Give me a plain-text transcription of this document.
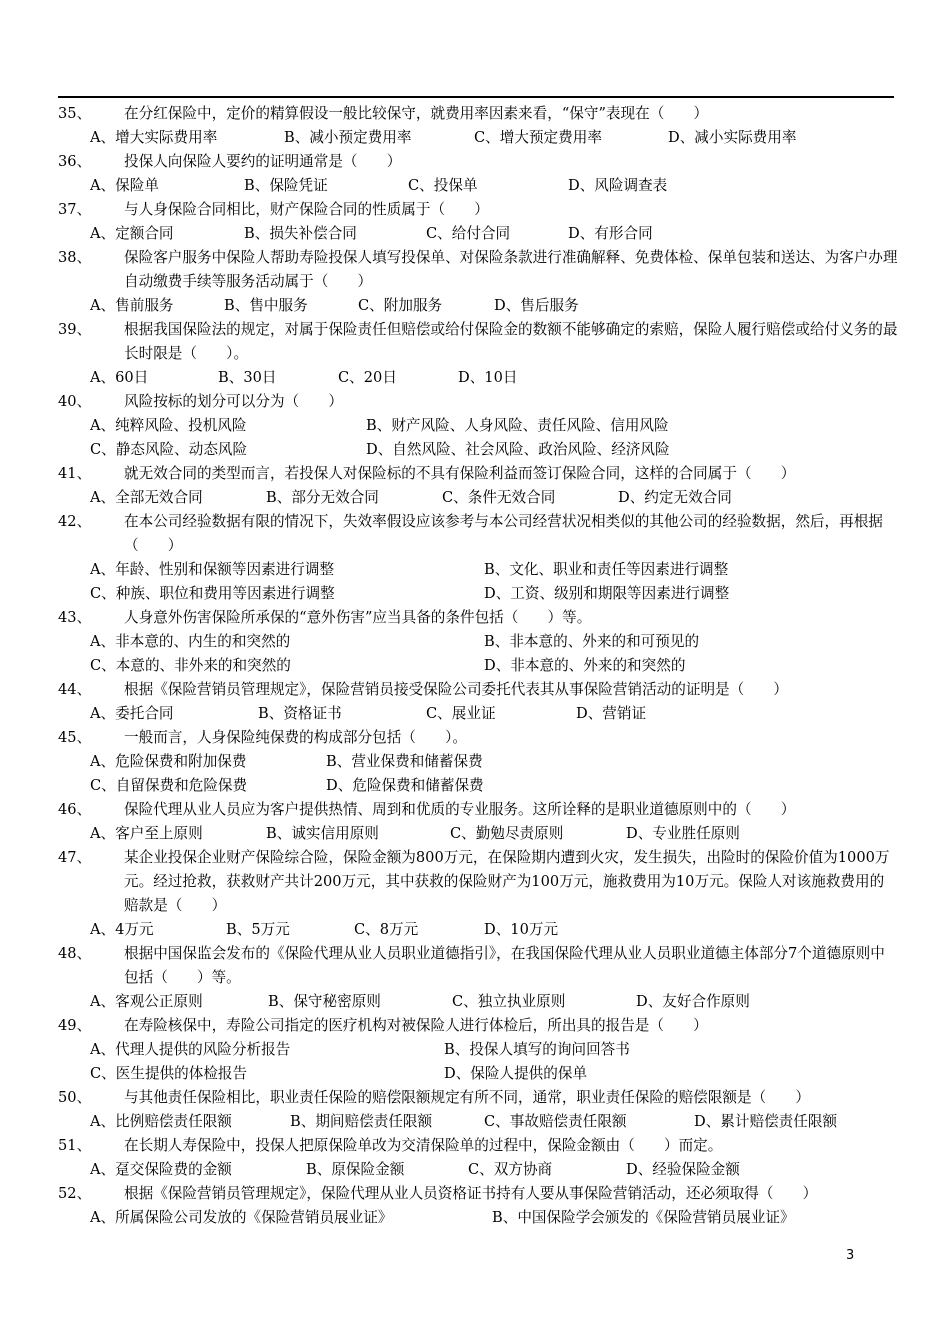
35、	在分红保险中，定价的精算假设一般比较保守，就费用率因素来看，“保守”表现在（　　）
A、增大实际费用率	B、减小预定费用率	C、增大预定费用率	D、减小实际费用率
36、	投保人向保险人要约的证明通常是（　　）
A、保险单	B、保险凭证	C、投保单	D、风险调查表
37、	与人身保险合同相比，财产保险合同的性质属于（　　）
A、定额合同	B、损失补偿合同	C、给付合同	D、有形合同
38、	保险客户服务中保险人帮助寿险投保人填写投保单、对保险条款进行准确解释、免费体检、保单包装和送达、为客户办理自动缴费手续等服务活动属于（　　）
A、售前服务	B、售中服务	C、附加服务	D、售后服务
39、	根据我国保险法的规定，对属于保险责任但赔偿或给付保险金的数额不能够确定的索赔，保险人履行赔偿或给付义务的最长时限是（　　）。
A、60日	B、30日	C、20日	D、10日
40、	风险按标的划分可以分为（　　）
A、纯粹风险、投机风险	B、财产风险、人身风险、责任风险、信用风险
C、静态风险、动态风险	D、自然风险、社会风险、政治风险、经济风险
41、	就无效合同的类型而言，若投保人对保险标的不具有保险利益而签订保险合同，这样的合同属于（　　）
A、全部无效合同	B、部分无效合同	C、条件无效合同	D、约定无效合同
42、	在本公司经验数据有限的情况下，失效率假设应该参考与本公司经营状况相类似的其他公司的经验数据，然后，再根据（　　）
A、年龄、性别和保额等因素进行调整	B、文化、职业和责任等因素进行调整
C、种族、职位和费用等因素进行调整	D、工资、级别和期限等因素进行调整
43、	人身意外伤害保险所承保的“意外伤害”应当具备的条件包括（　　）等。
A、非本意的、内生的和突然的	B、非本意的、外来的和可预见的
C、本意的、非外来的和突然的	D、非本意的、外来的和突然的
44、	根据《保险营销员管理规定》，保险营销员接受保险公司委托代表其从事保险营销活动的证明是（　　）
A、委托合同	B、资格证书	C、展业证	D、营销证
45、	一般而言，人身保险纯保费的构成部分包括（　　）。
A、危险保费和附加保费	B、营业保费和储蓄保费
C、自留保费和危险保费	D、危险保费和储蓄保费
46、	保险代理从业人员应为客户提供热情、周到和优质的专业服务。这所诠释的是职业道德原则中的（　　）
A、客户至上原则	B、诚实信用原则	C、勤勉尽责原则	D、专业胜任原则
47、	某企业投保企业财产保险综合险，保险金额为800万元，在保险期内遭到火灾，发生损失，出险时的保险价值为1000万元。经过抢救，获救财产共计200万元，其中获救的保险财产为100万元，施救费用为10万元。保险人对该施救费用的赔款是（　　）
A、4万元	B、5万元	C、8万元	D、10万元
48、	根据中国保监会发布的《保险代理从业人员职业道德指引》，在我国保险代理从业人员职业道德主体部分7个道德原则中包括（　　）等。
A、客观公正原则	B、保守秘密原则	C、独立执业原则	D、友好合作原则
49、	在寿险核保中，寿险公司指定的医疗机构对被保险人进行体检后，所出具的报告是（　　）
A、代理人提供的风险分析报告	B、投保人填写的询问回答书
C、医生提供的体检报告	D、保险人提供的保单
50、	与其他责任保险相比，职业责任保险的赔偿限额规定有所不同，通常，职业责任保险的赔偿限额是（　　）
A、比例赔偿责任限额	B、期间赔偿责任限额	C、事故赔偿责任限额	D、累计赔偿责任限额
51、	在长期人寿保险中，投保人把原保险单改为交清保险单的过程中，保险金额由（　　）而定。
A、趸交保险费的金额	B、原保险金额	C、双方协商	D、经验保险金额
52、	根据《保险营销员管理规定》，保险代理从业人员资格证书持有人要从事保险营销活动，还必须取得（　　）
A、所属保险公司发放的《保险营销员展业证》	B、中国保险学会颁发的《保险营销员展业证》
3
